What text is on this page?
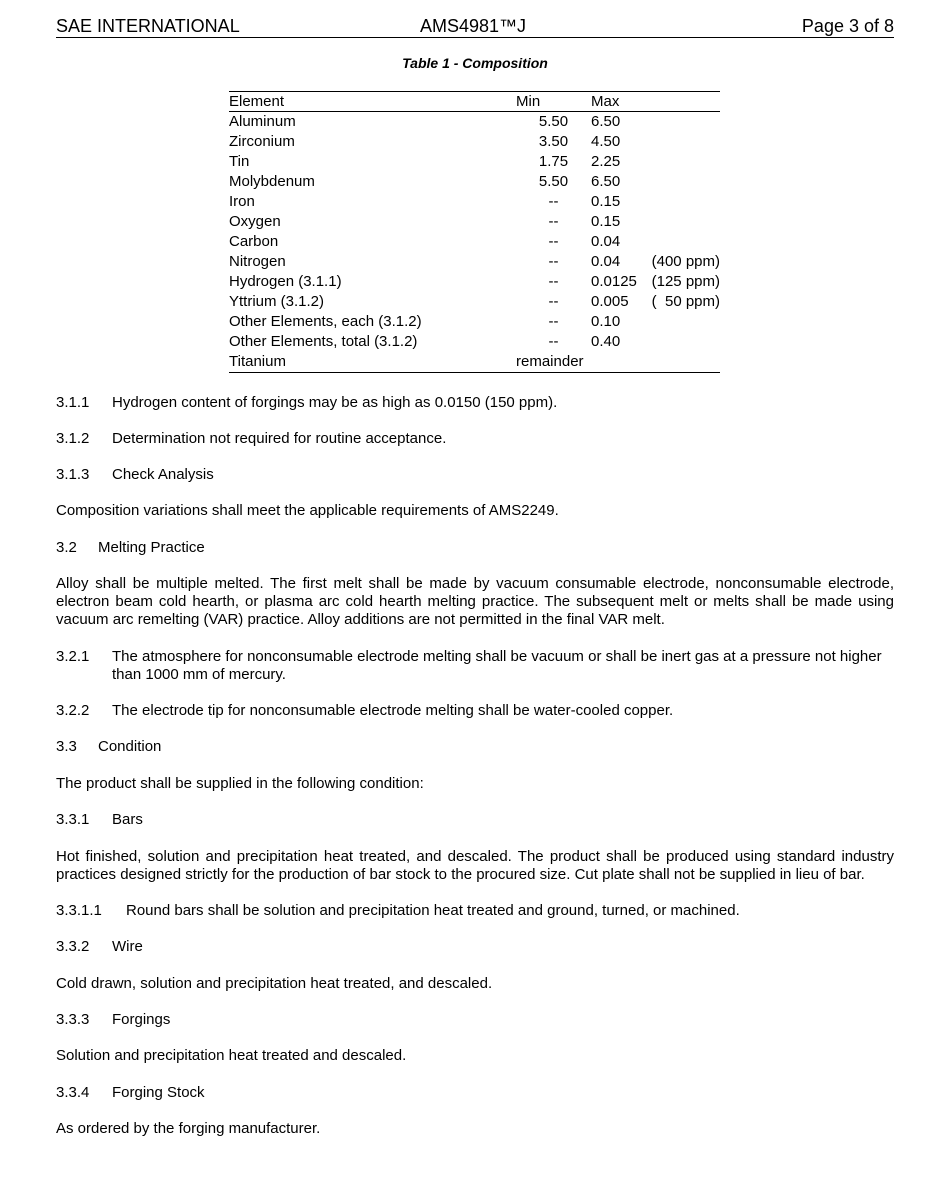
SAE INTERNATIONAL	AMS4981™J	Page 3 of 8
Table 1 - Composition
Element	Min	Max	
Aluminum	5.50	6.50	
Zirconium	3.50	4.50	
Tin	1.75	2.25	
Molybdenum	5.50	6.50	
Iron	--	0.15	
Oxygen	--	0.15	
Carbon	--	0.04	
Nitrogen	--	0.04	(400 ppm)
Hydrogen (3.1.1)	--	0.0125	(125 ppm)
Yttrium (3.1.2)	--	0.005	(  50 ppm)
Other Elements, each (3.1.2)	--	0.10	
Other Elements, total (3.1.2)	--	0.40	
Titanium	remainder		
3.1.1 Hydrogen content of forgings may be as high as 0.0150 (150 ppm).
3.1.2 Determination not required for routine acceptance.
3.1.3 Check Analysis
Composition variations shall meet the applicable requirements of AMS2249.
3.2 Melting Practice
Alloy shall be multiple melted. The first melt shall be made by vacuum consumable electrode, nonconsumable electrode, electron beam cold hearth, or plasma arc cold hearth melting practice. The subsequent melt or melts shall be made using vacuum arc remelting (VAR) practice. Alloy additions are not permitted in the final VAR melt.
3.2.1 The atmosphere for nonconsumable electrode melting shall be vacuum or shall be inert gas at a pressure not higher than 1000 mm of mercury.
3.2.2 The electrode tip for nonconsumable electrode melting shall be water-cooled copper.
3.3 Condition
The product shall be supplied in the following condition:
3.3.1 Bars
Hot finished, solution and precipitation heat treated, and descaled. The product shall be produced using standard industry practices designed strictly for the production of bar stock to the procured size. Cut plate shall not be supplied in lieu of bar.
3.3.1.1 Round bars shall be solution and precipitation heat treated and ground, turned, or machined.
3.3.2 Wire
Cold drawn, solution and precipitation heat treated, and descaled.
3.3.3 Forgings
Solution and precipitation heat treated and descaled.
3.3.4 Forging Stock
As ordered by the forging manufacturer.
